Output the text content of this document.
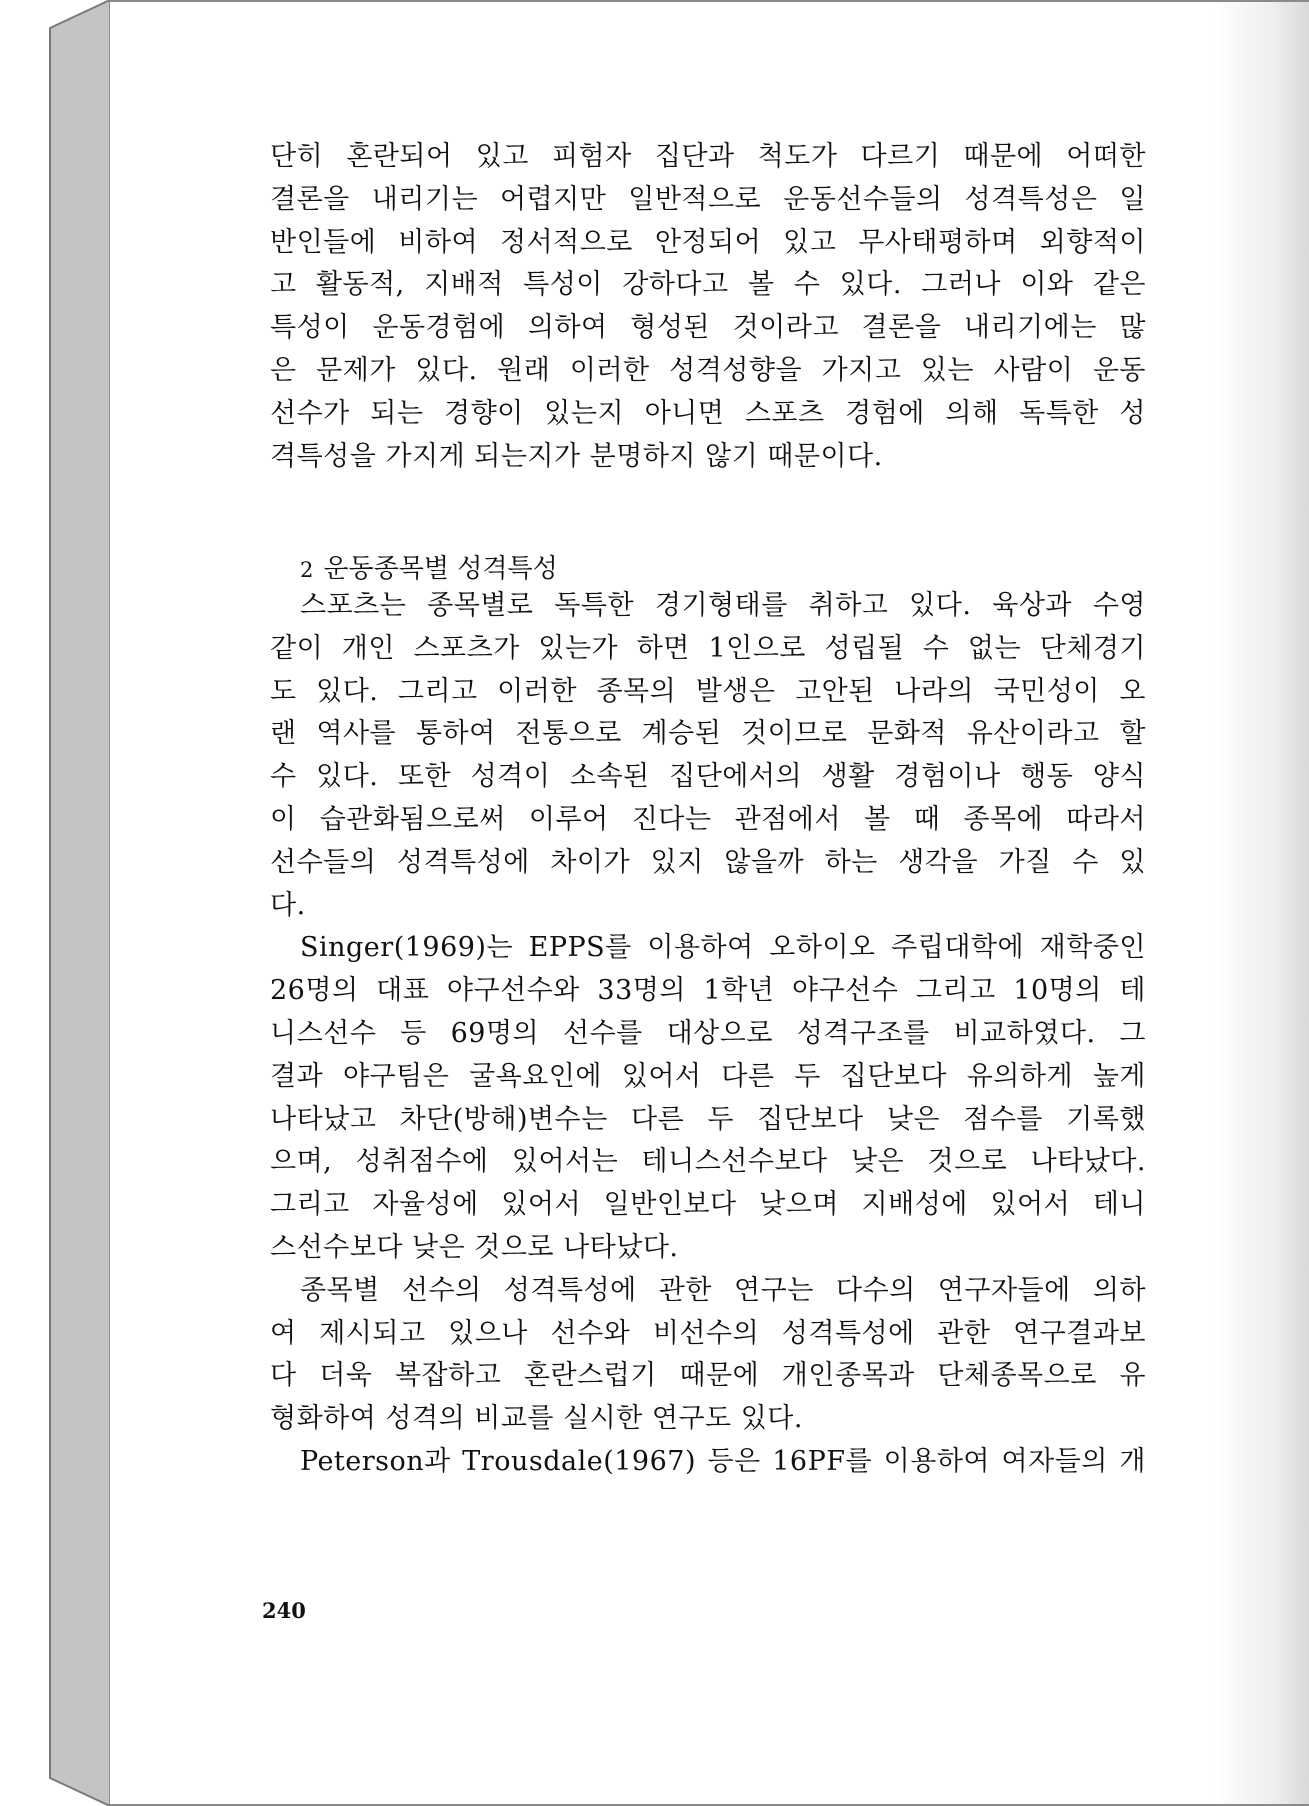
단히 혼란되어 있고 피험자 집단과 척도가 다르기 때문에 어떠한
결론을 내리기는 어렵지만 일반적으로 운동선수들의 성격특성은 일
반인들에 비하여 정서적으로 안정되어 있고 무사태평하며 외향적이
고 활동적, 지배적 특성이 강하다고 볼 수 있다. 그러나 이와 같은
특성이 운동경험에 의하여 형성된 것이라고 결론을 내리기에는 많
은 문제가 있다. 원래 이러한 성격성향을 가지고 있는 사람이 운동
선수가 되는 경향이 있는지 아니면 스포츠 경험에 의해 독특한 성
격특성을 가지게 되는지가 분명하지 않기 때문이다.
2 운동종목별 성격특성
스포츠는 종목별로 독특한 경기형태를 취하고 있다. 육상과 수영
같이 개인 스포츠가 있는가 하면 1인으로 성립될 수 없는 단체경기
도 있다. 그리고 이러한 종목의 발생은 고안된 나라의 국민성이 오
랜 역사를 통하여 전통으로 계승된 것이므로 문화적 유산이라고 할
수 있다. 또한 성격이 소속된 집단에서의 생활 경험이나 행동 양식
이 습관화됨으로써 이루어 진다는 관점에서 볼 때 종목에 따라서
선수들의 성격특성에 차이가 있지 않을까 하는 생각을 가질 수 있
다.
Singer(1969)는 EPPS를 이용하여 오하이오 주립대학에 재학중인
26명의 대표 야구선수와 33명의 1학년 야구선수 그리고 10명의 테
니스선수 등 69명의 선수를 대상으로 성격구조를 비교하였다. 그
결과 야구팀은 굴욕요인에 있어서 다른 두 집단보다 유의하게 높게
나타났고 차단(방해)변수는 다른 두 집단보다 낮은 점수를 기록했
으며, 성취점수에 있어서는 테니스선수보다 낮은 것으로 나타났다.
그리고 자율성에 있어서 일반인보다 낮으며 지배성에 있어서 테니
스선수보다 낮은 것으로 나타났다.
종목별 선수의 성격특성에 관한 연구는 다수의 연구자들에 의하
여 제시되고 있으나 선수와 비선수의 성격특성에 관한 연구결과보
다 더욱 복잡하고 혼란스럽기 때문에 개인종목과 단체종목으로 유
형화하여 성격의 비교를 실시한 연구도 있다.
Peterson과 Trousdale(1967) 등은 16PF를 이용하여 여자들의 개
240
